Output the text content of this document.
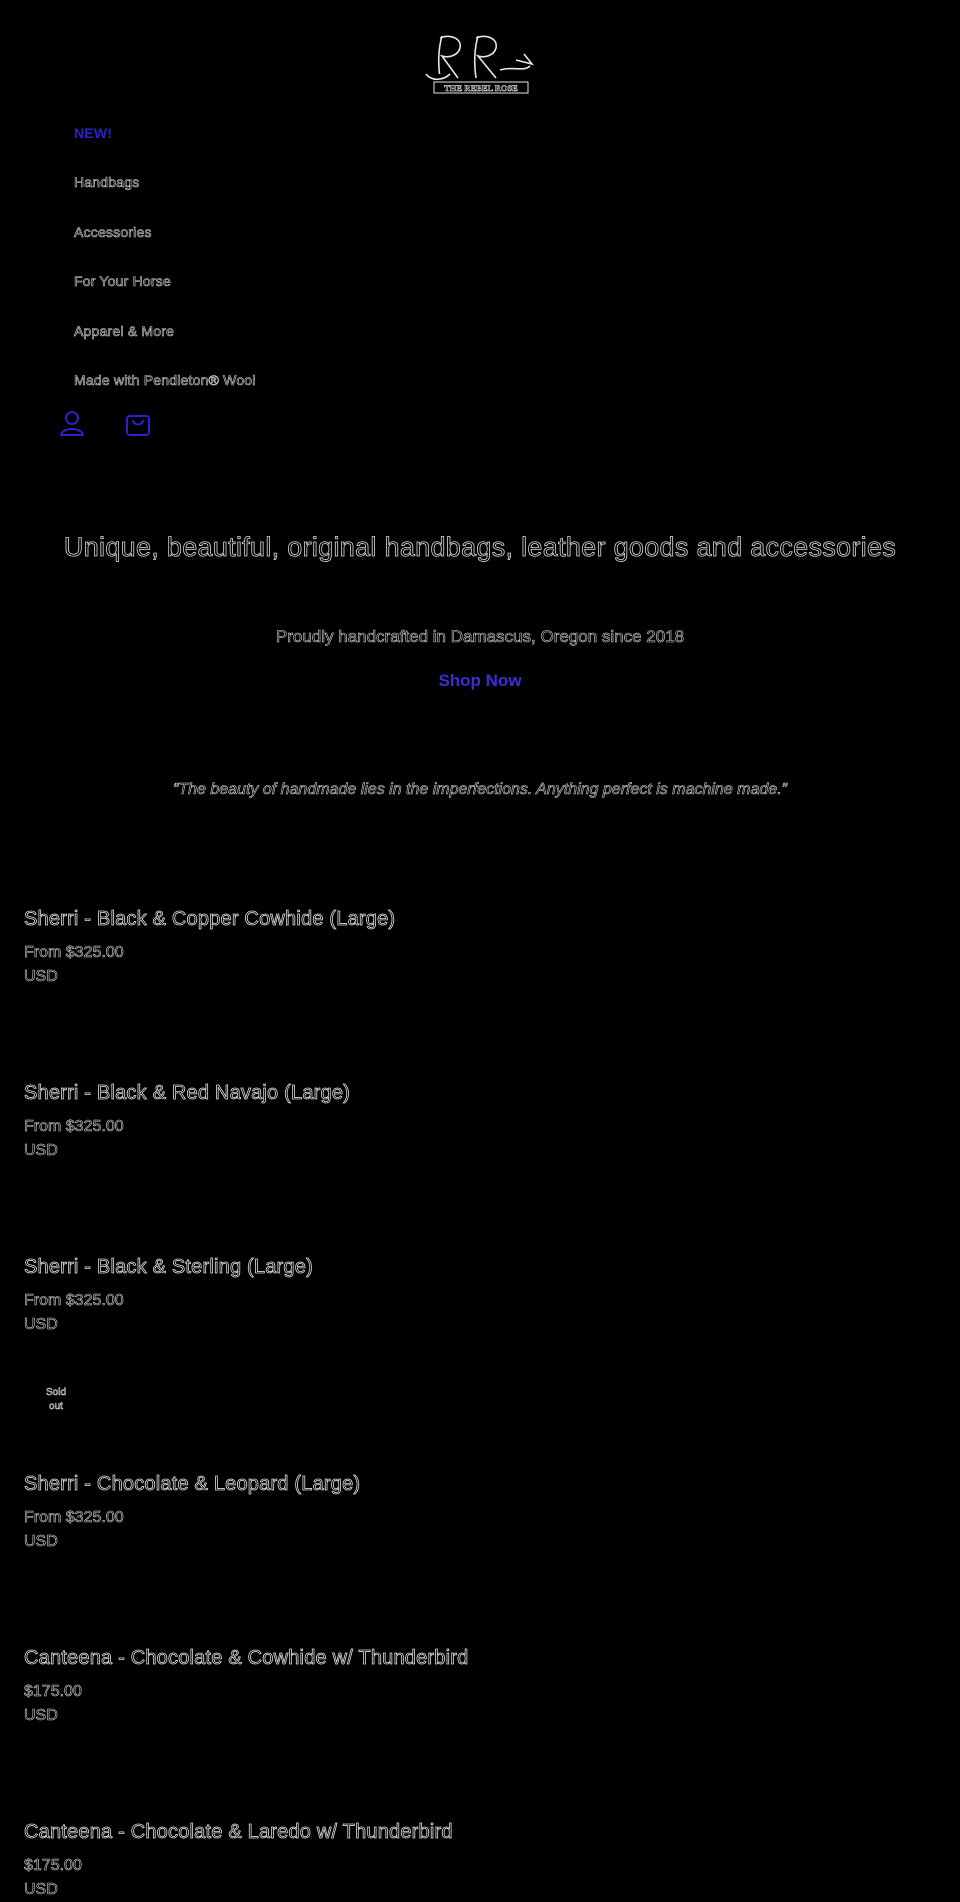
THE REBEL ROSE
NEW!
Handbags
Accessories
For Your Horse
Apparel & More
Made with Pendleton® Wool
Unique, beautiful, original handbags, leather goods and accessories
Proudly handcrafted in Damascus, Oregon since 2018
Shop Now
“The beauty of handmade lies in the imperfections. Anything perfect is machine made.”
Sherri - Black & Copper Cowhide (Large)
From $325.00
USD
Sherri - Black & Red Navajo (Large)
From $325.00
USD
Sherri - Black & Sterling (Large)
From $325.00
USD
Sold
out
Sherri - Chocolate & Leopard (Large)
From $325.00
USD
Canteena - Chocolate & Cowhide w/ Thunderbird
$175.00
USD
Canteena - Chocolate & Laredo w/ Thunderbird
$175.00
USD
